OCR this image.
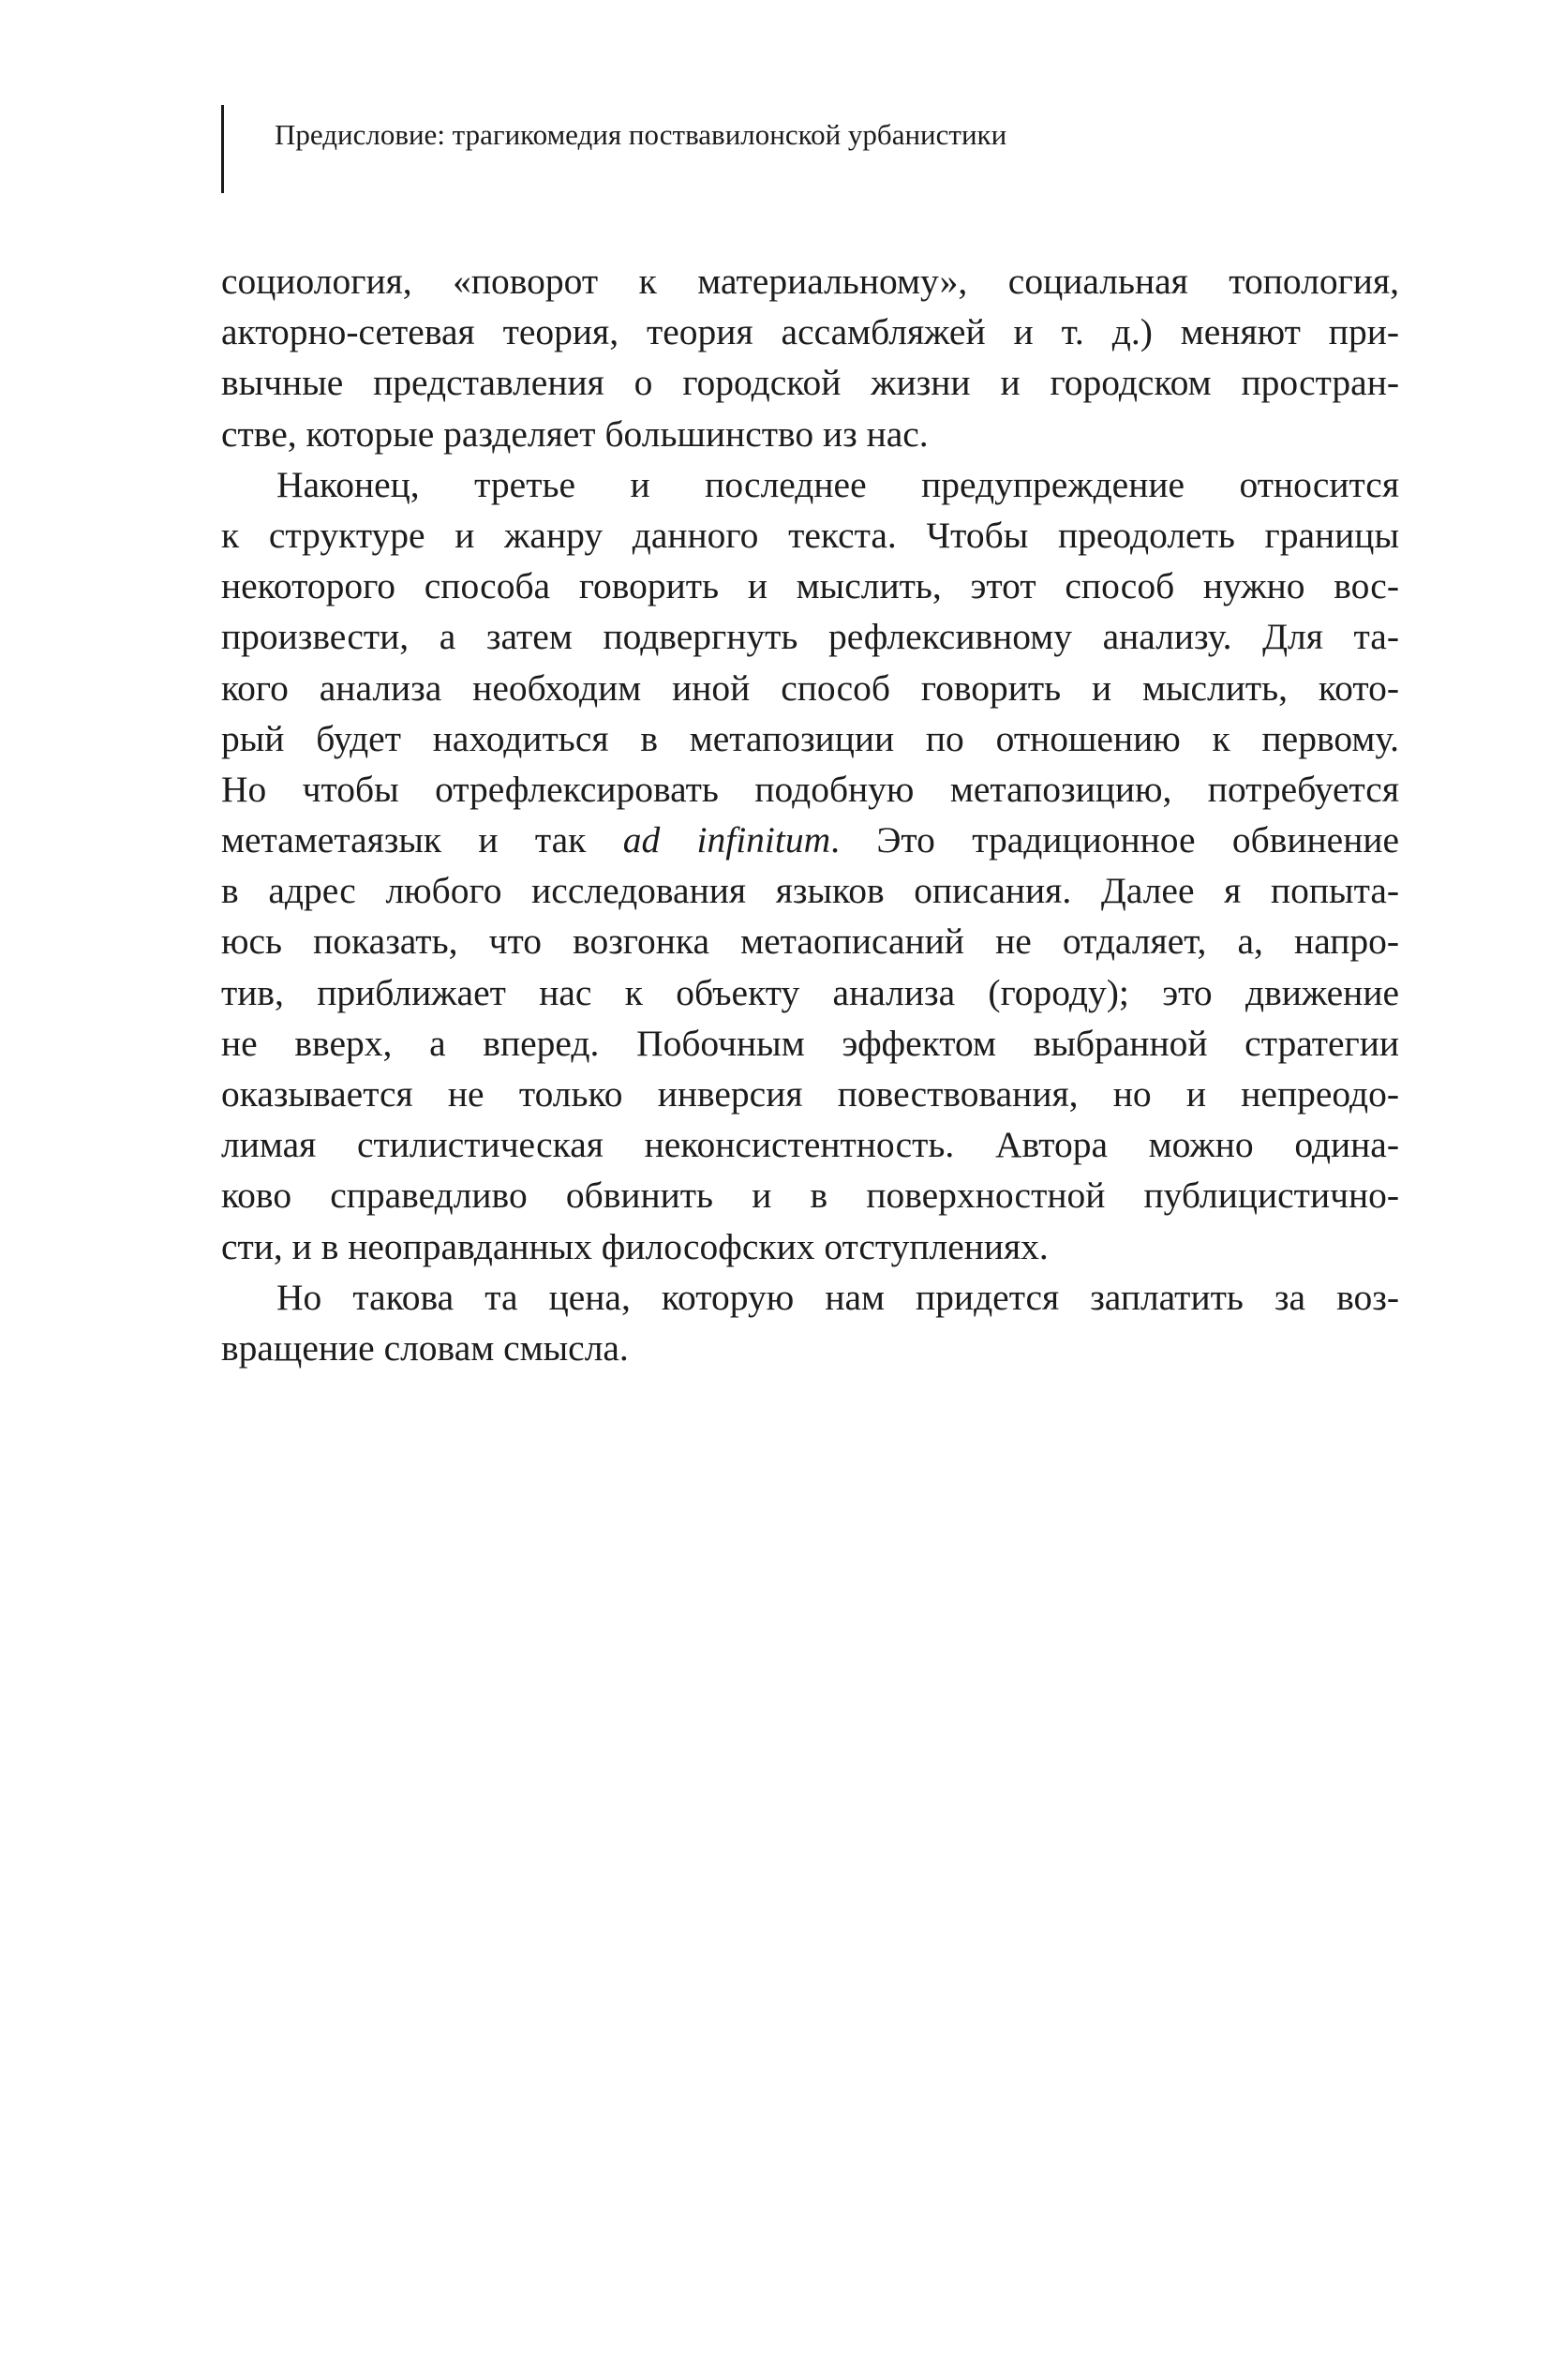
Предисловие: трагикомедия поствавилонской урбанистики
социология, «поворот к материальному», социальная топология,
акторно-сетевая теория, теория ассамбляжей и т. д.) меняют при-
вычные представления о городской жизни и городском простран-
стве, которые разделяет большинство из нас.
Наконец, третье и последнее предупреждение относится
к структуре и жанру данного текста. Чтобы преодолеть границы
некоторого способа говорить и мыслить, этот способ нужно вос-
произвести, а затем подвергнуть рефлексивному анализу. Для та-
кого анализа необходим иной способ говорить и мыслить, кото-
рый будет находиться в метапозиции по отношению к первому.
Но чтобы отрефлексировать подобную метапозицию, потребуется
метаметаязык и так ad infinitum. Это традиционное обвинение
в адрес любого исследования языков описания. Далее я попыта-
юсь показать, что возгонка метаописаний не отдаляет, а, напро-
тив, приближает нас к объекту анализа (городу); это движение
не вверх, а вперед. Побочным эффектом выбранной стратегии
оказывается не только инверсия повествования, но и непреодо-
лимая стилистическая неконсистентность. Автора можно одина-
ково справедливо обвинить и в поверхностной публицистично-
сти, и в неоправданных философских отступлениях.
Но такова та цена, которую нам придется заплатить за воз-
вращение словам смысла.
